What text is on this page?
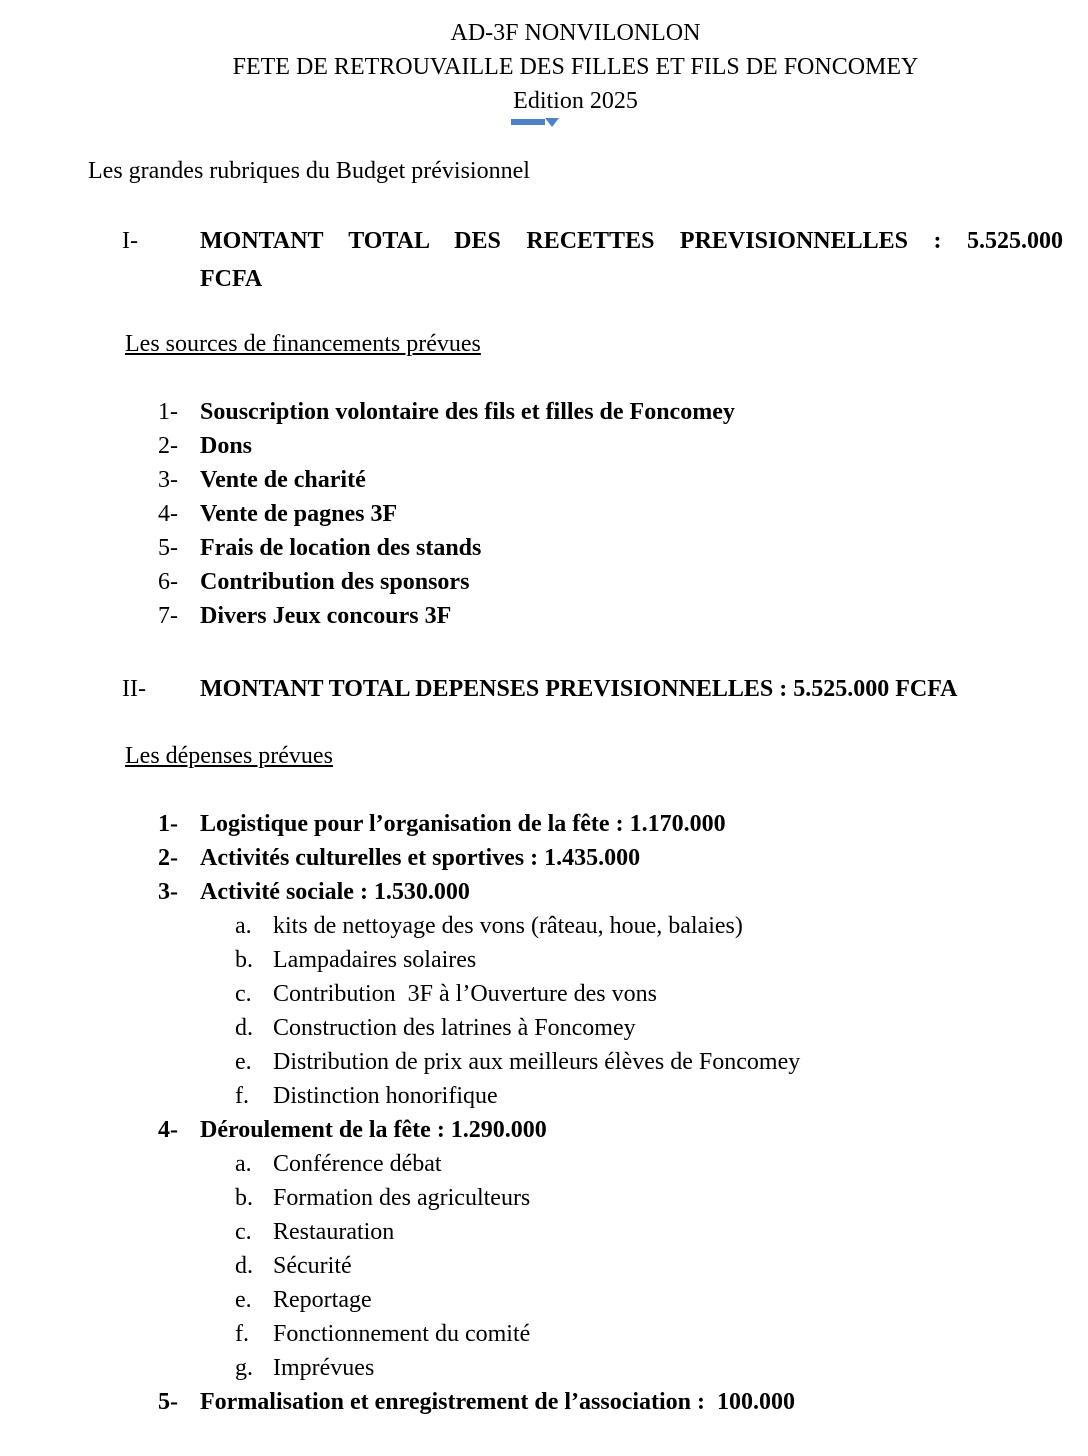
AD-3F NONVILONLON
FETE DE RETROUVAILLE DES FILLES ET FILS DE FONCOMEY
Edition 2025

Les grandes rubriques du Budget prévisionnel

I-	MONTANT TOTAL DES RECETTES PREVISIONNELLES : 5.525.000
FCFA

Les sources de financements prévues

1- Souscription volontaire des fils et filles de Foncomey
2- Dons
3- Vente de charité
4- Vente de pagnes 3F
5- Frais de location des stands
6- Contribution des sponsors
7- Divers Jeux concours 3F
II-	MONTANT TOTAL DEPENSES PREVISIONNELLES : 5.525.000 FCFA

Les dépenses prévues

1- Logistique pour l’organisation de la fête : 1.170.000
2- Activités culturelles et sportives : 1.435.000
3- Activité sociale : 1.530.000
a. kits de nettoyage des vons (râteau, houe, balaies)
b. Lampadaires solaires
c. Contribution  3F à l’Ouverture des vons
d. Construction des latrines à Foncomey
e. Distribution de prix aux meilleurs élèves de Foncomey
f.	Distinction honorifique
4- Déroulement de la fête : 1.290.000
a. Conférence débat
b. Formation des agriculteurs
c. Restauration
d. Sécurité
e. Reportage
f.	Fonctionnement du comité
g. Imprévues
5- Formalisation et enregistrement de l’association :  100.000
